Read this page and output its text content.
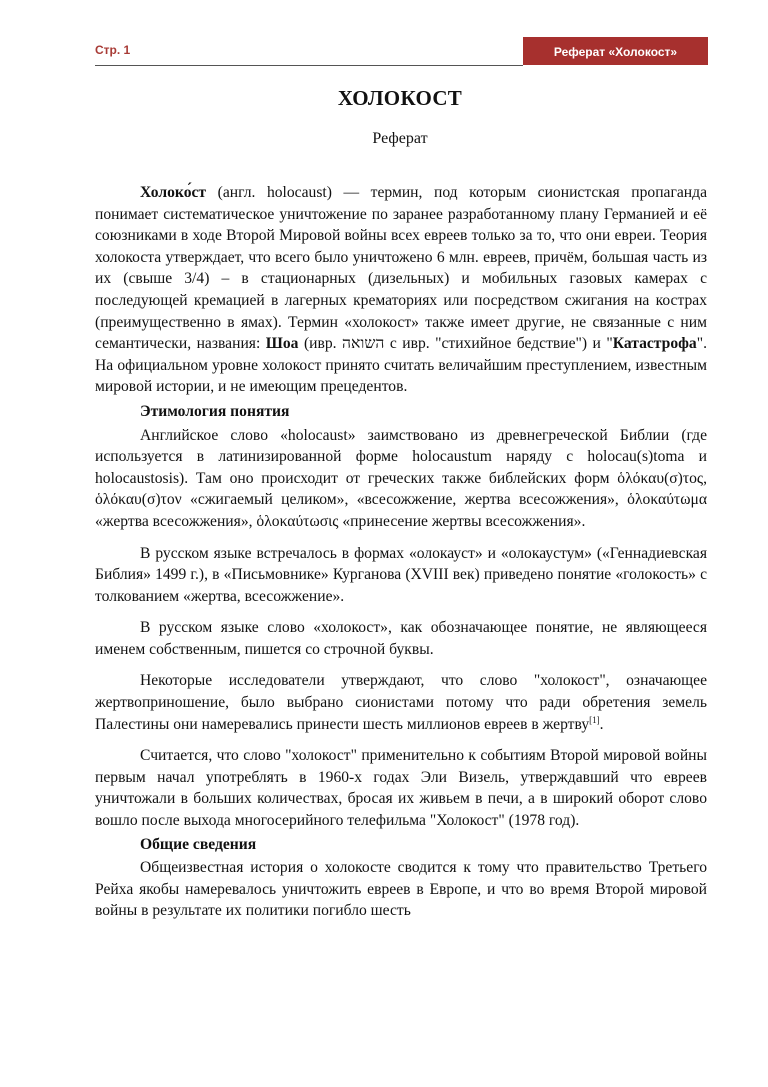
Стр. 1	Реферат «Холокост»
ХОЛОКОСТ
Реферат

Холоко́ст (англ. holocaust) — термин, под которым сионистская пропаганда понимает систематическое уничтожение по заранее разработанному плану Германией и её союзниками в ходе Второй Мировой войны всех евреев только за то, что они евреи. Теория холокоста утверждает, что всего было уничтожено 6 млн. евреев, причём, большая часть из их (свыше 3/4) – в стационарных (дизельных) и мобильных газовых камерах с последующей кремацией в лагерных крематориях или посредством сжигания на кострах (преимущественно в ямах). Термин «холокост» также имеет другие, не связанные с ним семантически, названия: Шоа (ивр. השואה с ивр. "стихийное бедствие") и "Катастрофа". На официальном уровне холокост принято считать величайшим преступлением, известным мировой истории, и не имеющим прецедентов.

Этимология понятия

Английское слово «holocaust» заимствовано из древнегреческой Библии (где используется в латинизированной форме holocaustum наряду с holocau(s)toma и holocaustosis). Там оно происходит от греческих также библейских форм ὁλόκαυ(σ)τος, ὁλόκαυ(σ)τον «сжигаемый целиком», «всесожжение, жертва всесожжения», ὁλοκαύτωμα «жертва всесожжения», ὁλοκαύτωσις «принесение жертвы всесожжения».

В русском языке встречалось в формах «олокауст» и «олокаустум» («Геннадиевская Библия» 1499 г.), в «Письмовнике» Курганова (XVIII век) приведено понятие «голокость» с толкованием «жертва, всесожжение».

В русском языке слово «холокост», как обозначающее понятие, не являющееся именем собственным, пишется со строчной буквы.

Некоторые исследователи утверждают, что слово "холокост", означающее жертвоприношение, было выбрано сионистами потому что ради обретения земель Палестины они намеревались принести шесть миллионов евреев в жертву[1].

Считается, что слово "холокост" применительно к событиям Второй мировой войны первым начал употреблять в 1960-х годах Эли Визель, утверждавший что евреев уничтожали в больших количествах, бросая их живьем в печи, а в широкий оборот слово вошло после выхода многосерийного телефильма "Холокост" (1978 год).

Общие сведения

Общеизвестная история о холокосте сводится к тому что правительство Третьего Рейха якобы намеревалось уничтожить евреев в Европе, и что во время Второй мировой войны в результате их политики погибло шесть
